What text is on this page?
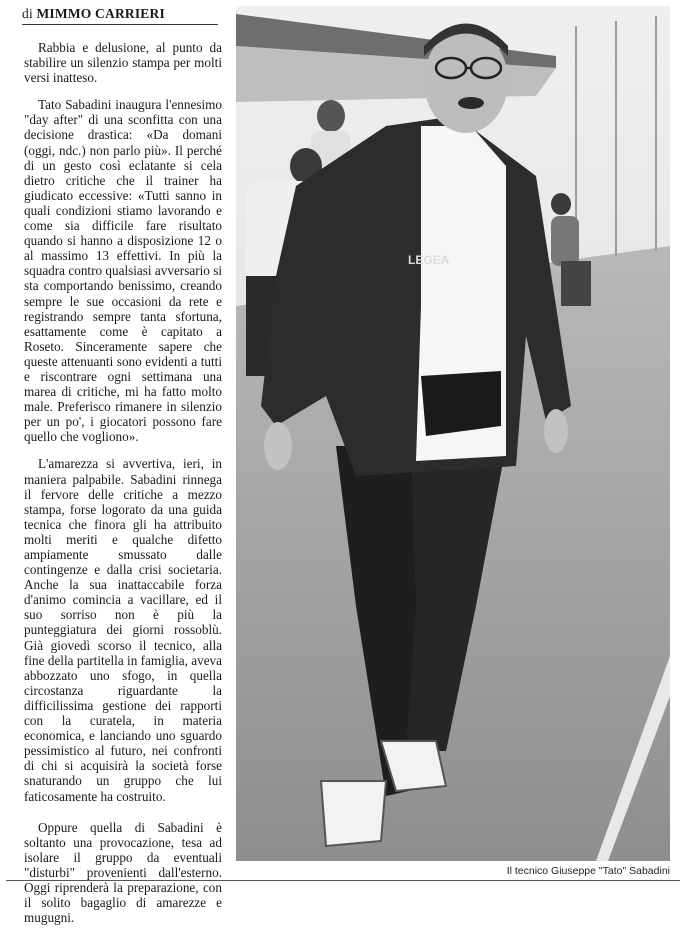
di MIMMO CARRIERI

Rabbia e delusione, al punto da stabilire un silenzio stampa per molti versi inatteso.

Tato Sabadini inaugura l'ennesimo "day after" di una sconfitta con una decisione drastica: «Da domani (oggi, ndc.) non parlo più». Il perché di un gesto così eclatante si cela dietro critiche che il trainer ha giudicato eccessive: «Tutti sanno in quali condizioni stiamo lavorando e come sia difficile fare risultato quando si hanno a disposizione 12 o al massimo 13 effettivi. In più la squadra contro qualsiasi avversario si sta comportando benissimo, creando sempre le sue occasioni da rete e registrando sempre tanta sfortuna, esattamente come è capitato a Roseto. Sinceramente sapere che queste attenuanti sono evidenti a tutti e riscontrare ogni settimana una marea di critiche, mi ha fatto molto male. Preferisco rimanere in silenzio per un po', i giocatori possono fare quello che vogliono».

L'amarezza si avvertiva, ieri, in maniera palpabile. Sabadini rinnega il fervore delle critiche a mezzo stampa, forse logorato da una guida tecnica che finora gli ha attribuito molti meriti e qualche difetto ampiamente smussato dalle contingenze e dalla crisi societaria. Anche la sua inattaccabile forza d'animo comincia a vacillare, ed il suo sorriso non è più la punteggiatura dei giorni rossoblù. Già giovedì scorso il tecnico, alla fine della partitella in famiglia, aveva abbozzato uno sfogo, in quella circostanza riguardante la difficilissima gestione dei rapporti con la curatela, in materia economica, e lanciando uno sguardo pessimistico al futuro, nei confronti di chi si acquisirà la società forse snaturando un gruppo che lui faticosamente ha costruito.

Oppure quella di Sabadini è soltanto una provocazione, tesa ad isolare il gruppo da eventuali "disturbi" provenienti dall'esterno. Oggi riprenderà la preparazione, con il solito bagaglio di amarezze e mugugni.

LEGEA
Il tecnico Giuseppe "Tato" Sabadini
